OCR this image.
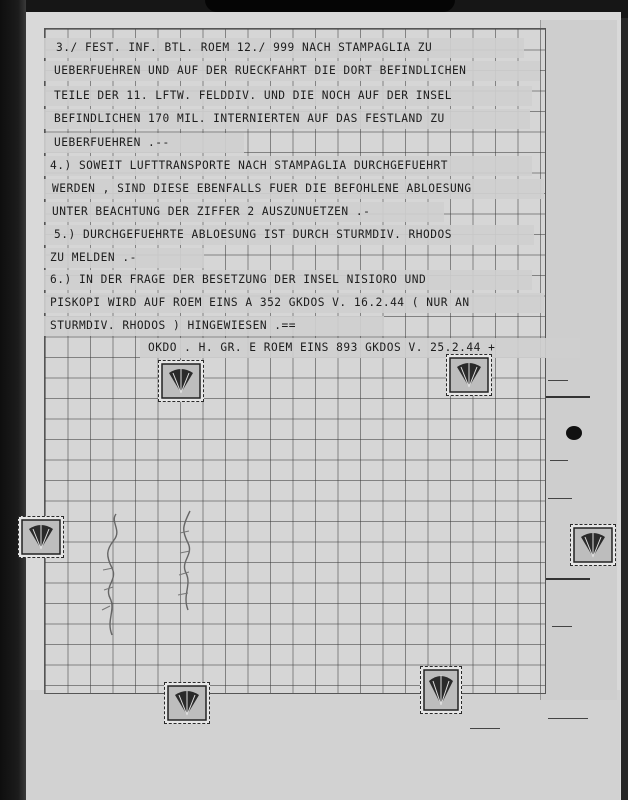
3./ FEST. INF. BTL. ROEM 12./ 999 NACH STAMPAGLIA ZU
UEBERFUEHREN UND AUF DER RUECKFAHRT DIE DORT BEFINDLICHEN
TEILE DER 11. LFTW. FELDDIV. UND DIE NOCH AUF DER INSEL
BEFINDLICHEN 170 MIL. INTERNIERTEN AUF DAS FESTLAND ZU
UEBERFUEHREN .--
4.) SOWEIT LUFTTRANSPORTE NACH STAMPAGLIA DURCHGEFUEHRT
WERDEN , SIND DIESE EBENFALLS FUER DIE BEFOHLENE ABLOESUNG
UNTER BEACHTUNG DER ZIFFER 2 AUSZUNUETZEN .-
5.) DURCHGEFUEHRTE ABLOESUNG IST DURCH STURMDIV. RHODOS
ZU MELDEN .-
6.) IN DER FRAGE DER BESETZUNG DER INSEL NISIORO UND
PISKOPI WIRD AUF ROEM EINS A 352 GKDOS V. 16.2.44 ( NUR AN
STURMDIV. RHODOS ) HINGEWIESEN .==
OKDO . H. GR. E ROEM EINS 893 GKDOS V. 25.2.44 +
